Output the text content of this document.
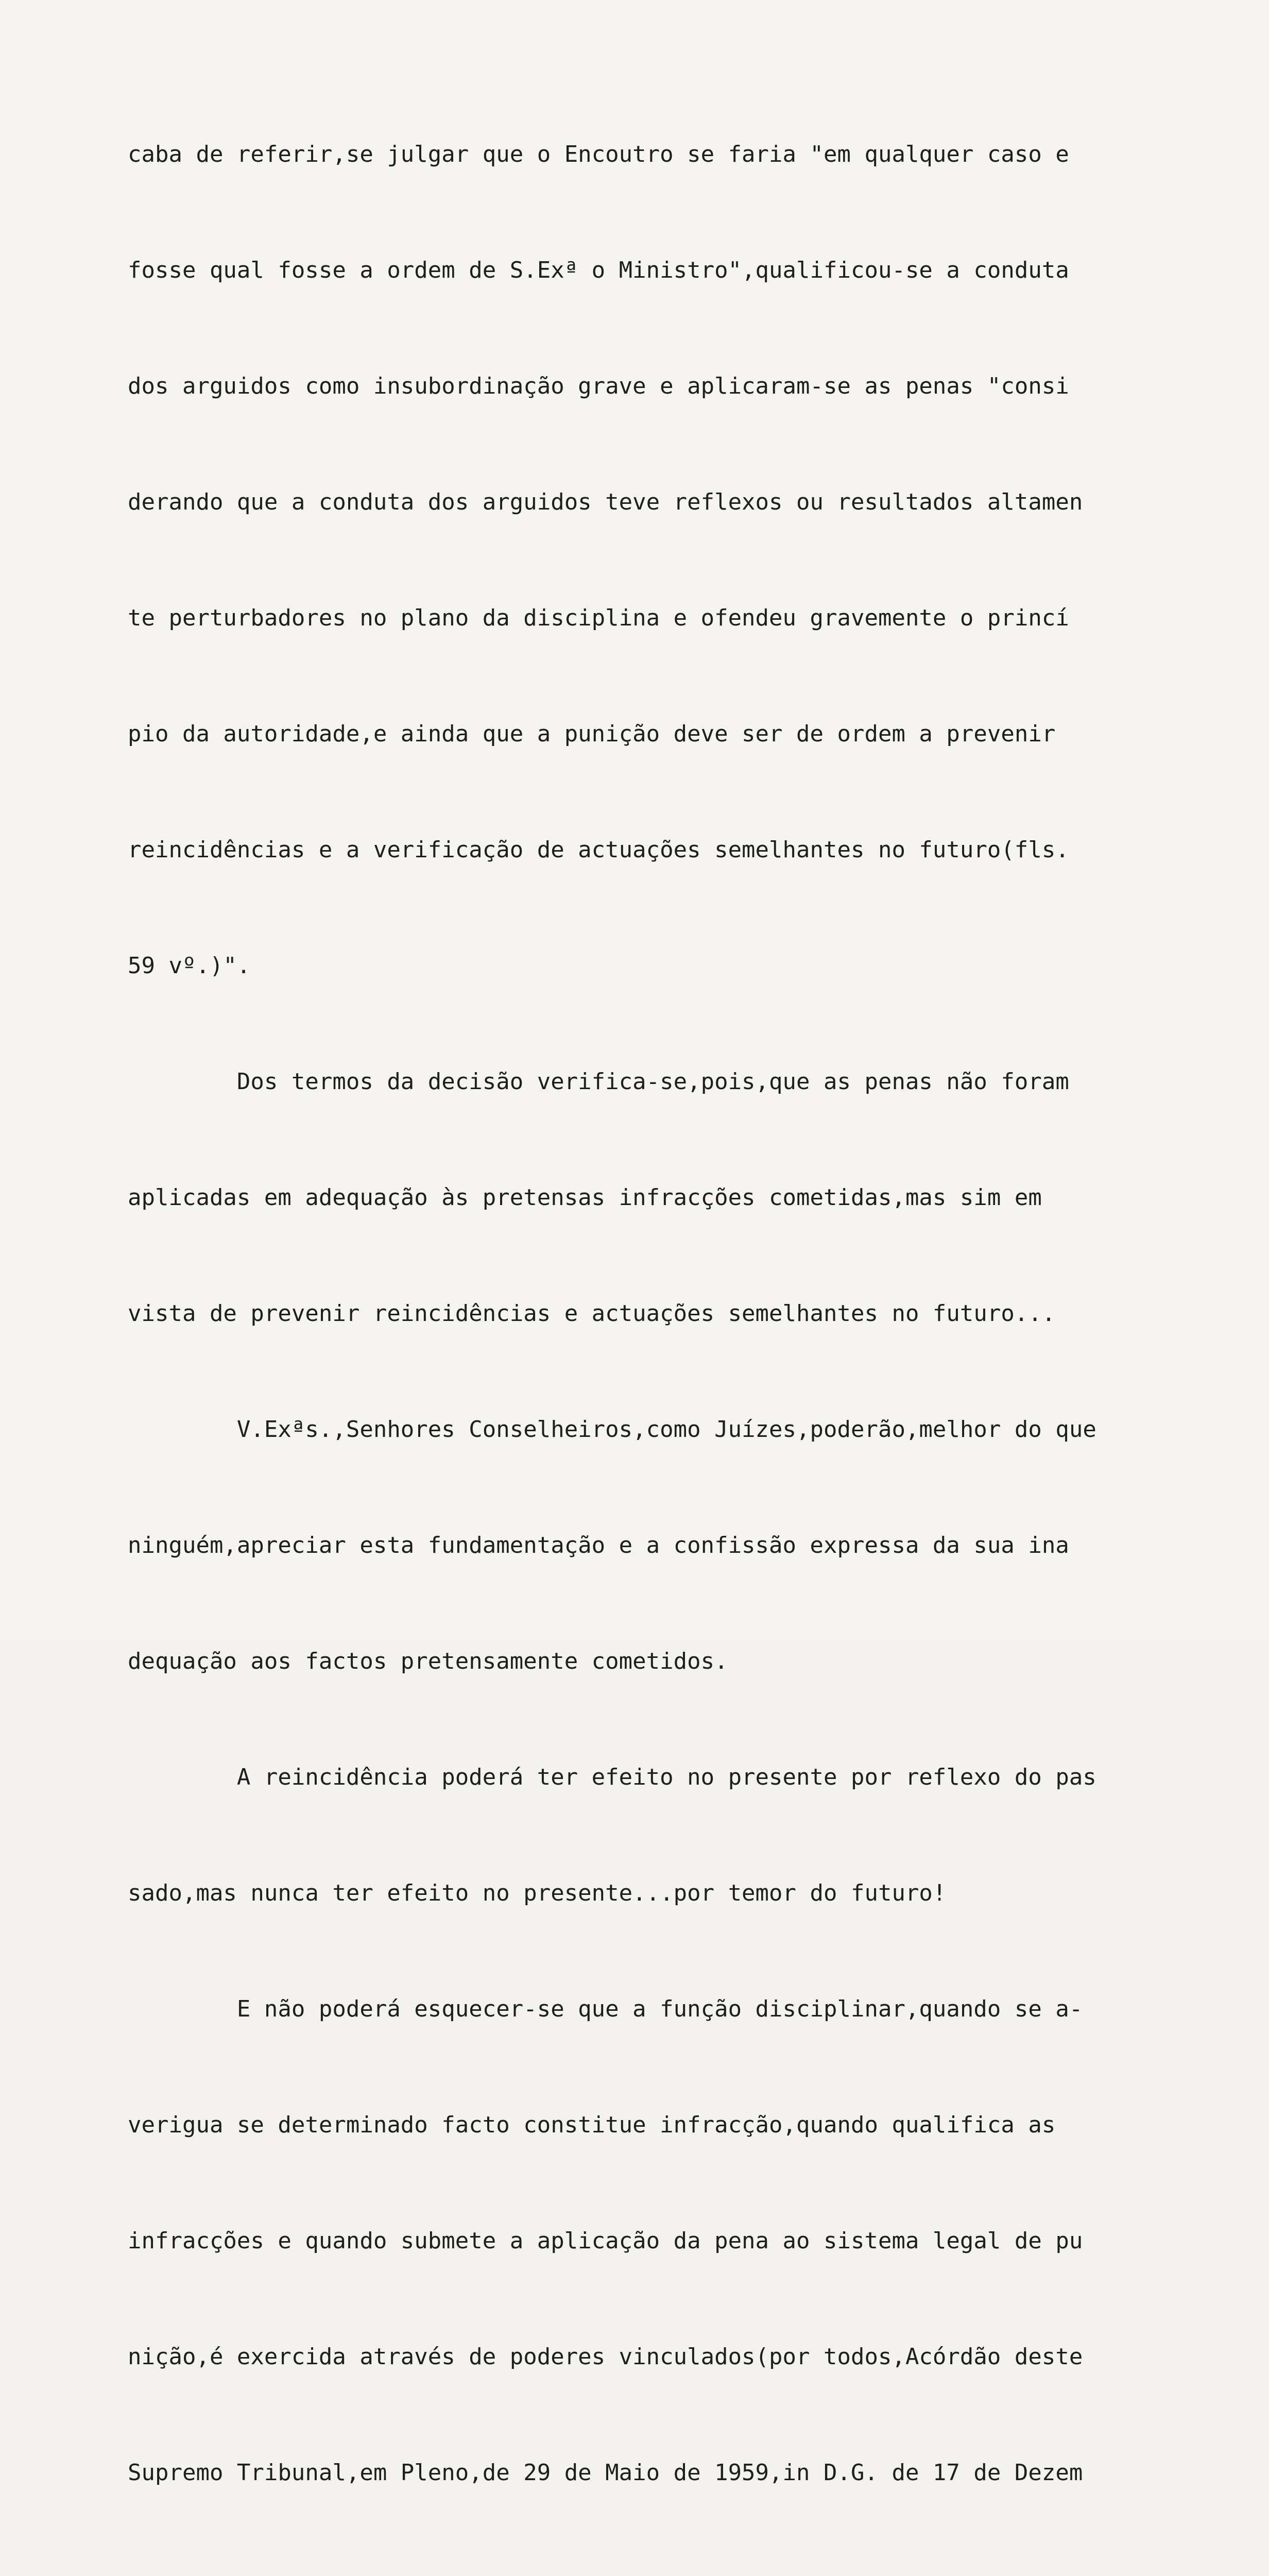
caba de referir,se julgar que o Encoutro se faria "em qualquer caso e

fosse qual fosse a ordem de S.Exª o Ministro",qualificou-se a conduta

dos arguidos como insubordinação grave e aplicaram-se as penas "consi

derando que a conduta dos arguidos teve reflexos ou resultados altamen

te perturbadores no plano da disciplina e ofendeu gravemente o princí

pio da autoridade,e ainda que a punição deve ser de ordem a prevenir

reincidências e a verificação de actuações semelhantes no futuro(fls.

59 vº.)".

Dos termos da decisão verifica-se,pois,que as penas não foram

aplicadas em adequação às pretensas infracções cometidas,mas sim em

vista de prevenir reincidências e actuações semelhantes no futuro...

V.Exªs.,Senhores Conselheiros,como Juízes,poderão,melhor do que

ninguém,apreciar esta fundamentação e a confissão expressa da sua ina

dequação aos factos pretensamente cometidos.

A reincidência poderá ter efeito no presente por reflexo do pas

sado,mas nunca ter efeito no presente...por temor do futuro!

E não poderá esquecer-se que a função disciplinar,quando se a-

verigua se determinado facto constitue infracção,quando qualifica as

infracções e quando submete a aplicação da pena ao sistema legal de pu

nição,é exercida através de poderes vinculados(por todos,Acórdão deste

Supremo Tribunal,em Pleno,de 29 de Maio de 1959,in D.G. de 17 de Dezem
